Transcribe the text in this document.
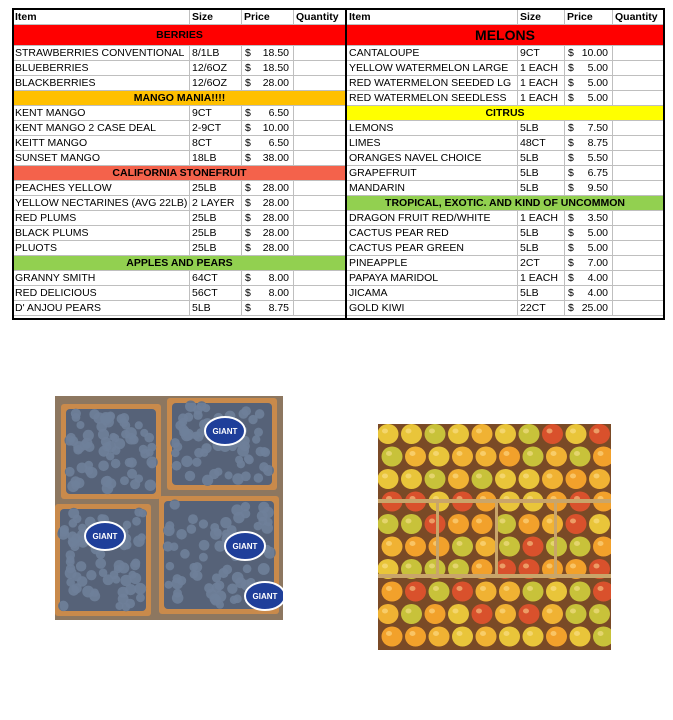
Item	Size	Price	Quantity	Item	Size	Price	Quantity
BERRIES				MELONS			
STRAWBERRIES CONVENTIONAL	8/1LB	$ 18.50		CANTALOUPE	9CT	$ 10.00	

BLUEBERRIES	12/6OZ	$ 18.50		YELLOW WATERMELON LARGE	1 EACH	$ 5.00	

BLACKBERRIES	12/6OZ	$ 28.00		RED WATERMELON SEEDED LG	1 EACH	$ 5.00	

MANGO MANIA!!!!				RED WATERMELON SEEDLESS	1 EACH	$ 5.00	

KENT MANGO	9CT	$ 6.50		CITRUS			
KENT MANGO 2 CASE DEAL	2-9CT	$ 10.00		LEMONS	5LB	$ 7.50	

KEITT MANGO	8CT	$ 6.50		LIMES	48CT	$ 8.75	

SUNSET MANGO	18LB	$ 38.00		ORANGES NAVEL CHOICE	5LB	$ 5.50	

CALIFORNIA STONEFRUIT				GRAPEFRUIT	5LB	$ 6.75	

PEACHES YELLOW	25LB	$ 28.00		MANDARIN	5LB	$ 9.50	

YELLOW NECTARINES (AVG 22LB)	2 LAYER	$ 28.00		TROPICAL, EXOTIC. AND KIND OF UNCOMMON			
RED PLUMS	25LB	$ 28.00		DRAGON FRUIT RED/WHITE	1 EACH	$ 3.50	

BLACK PLUMS	25LB	$ 28.00		CACTUS PEAR RED	5LB	$ 5.00	

PLUOTS	25LB	$ 28.00		CACTUS PEAR GREEN	5LB	$ 5.00	

APPLES AND PEARS				PINEAPPLE	2CT	$ 7.00	

GRANNY SMITH	64CT	$ 8.00		PAPAYA MARIDOL	1 EACH	$ 4.00	

RED DELICIOUS	56CT	$ 8.00		JICAMA	5LB	$ 4.00	

D' ANJOU PEARS	5LB	$ 8.75		GOLD KIWI	22CT	$ 25.00	

GIANT
GIANT
GIANT
GIANT
